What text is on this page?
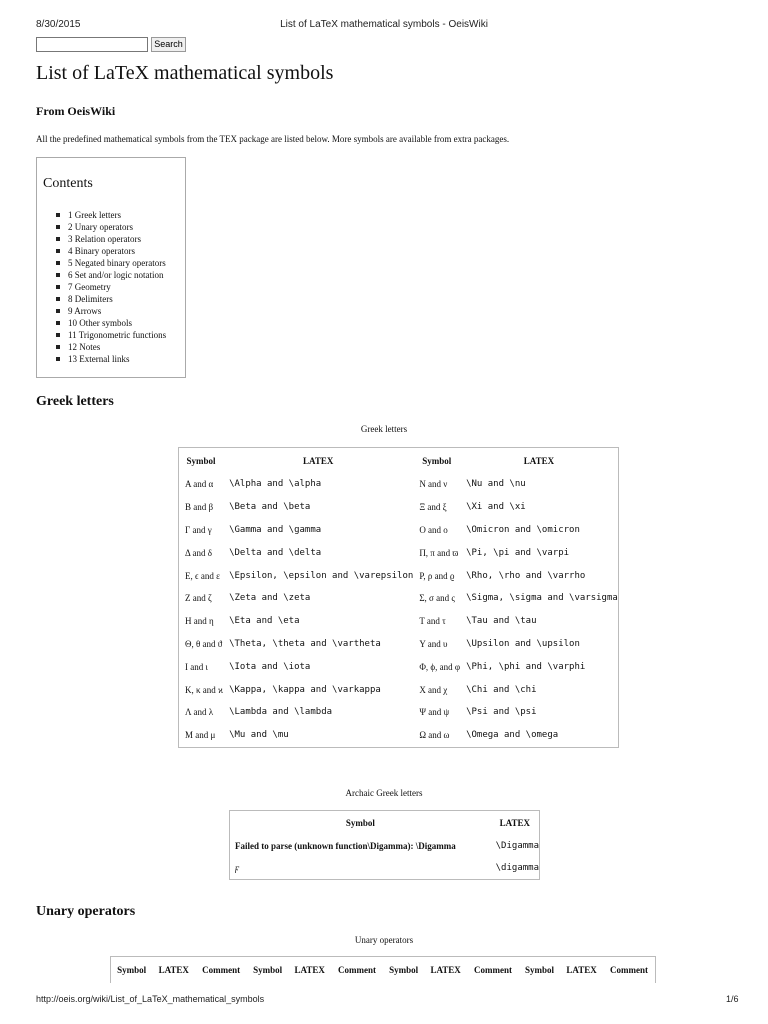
8/30/2015	List of LaTeX mathematical symbols - OeisWiki
Search
List of LaTeX mathematical symbols
From OeisWiki
All the predefined mathematical symbols from the TEX package are listed below. More symbols are available from extra packages.
Contents
1 Greek letters
2 Unary operators
3 Relation operators
4 Binary operators
5 Negated binary operators
6 Set and/or logic notation
7 Geometry
8 Delimiters
9 Arrows
10 Other symbols
11 Trigonometric functions
12 Notes
13 External links
Greek letters
Greek letters
Symbol	LATEX	Symbol	LATEX
Α and α	\Alpha and \alpha	Ν and ν	\Nu and \nu
Β and β	\Beta and \beta	Ξ and ξ	\Xi and \xi
Γ and γ	\Gamma and \gamma	Ο and ο	\Omicron and \omicron
Δ and δ	\Delta and \delta	Π, π and ϖ	\Pi, \pi and \varpi
Ε, ϵ and ε	\Epsilon, \epsilon and \varepsilon	Ρ, ρ and ϱ	\Rho, \rho and \varrho
Ζ and ζ	\Zeta and \zeta	Σ, σ and ς	\Sigma, \sigma and \varsigma
Η and η	\Eta and \eta	Τ and τ	\Tau and \tau
Θ, θ and ϑ	\Theta, \theta and \vartheta	Υ and υ	\Upsilon and \upsilon
Ι and ι	\Iota and \iota	Φ, ϕ, and φ	\Phi, \phi and \varphi
Κ, κ and ϰ	\Kappa, \kappa and \varkappa	Χ and χ	\Chi and \chi
Λ and λ	\Lambda and \lambda	Ψ and ψ	\Psi and \psi
Μ and μ	\Mu and \mu	Ω and ω	\Omega and \omega
Archaic Greek letters
Symbol	LATEX
Failed to parse (unknown function\Digamma): \Digamma	\Digamma
ϝ	\digamma
Unary operators
Unary operators
Symbol	LATEX	Comment	Symbol	LATEX	Comment	Symbol	LATEX	Comment	Symbol	LATEX	Comment
http://oeis.org/wiki/List_of_LaTeX_mathematical_symbols	1/6
